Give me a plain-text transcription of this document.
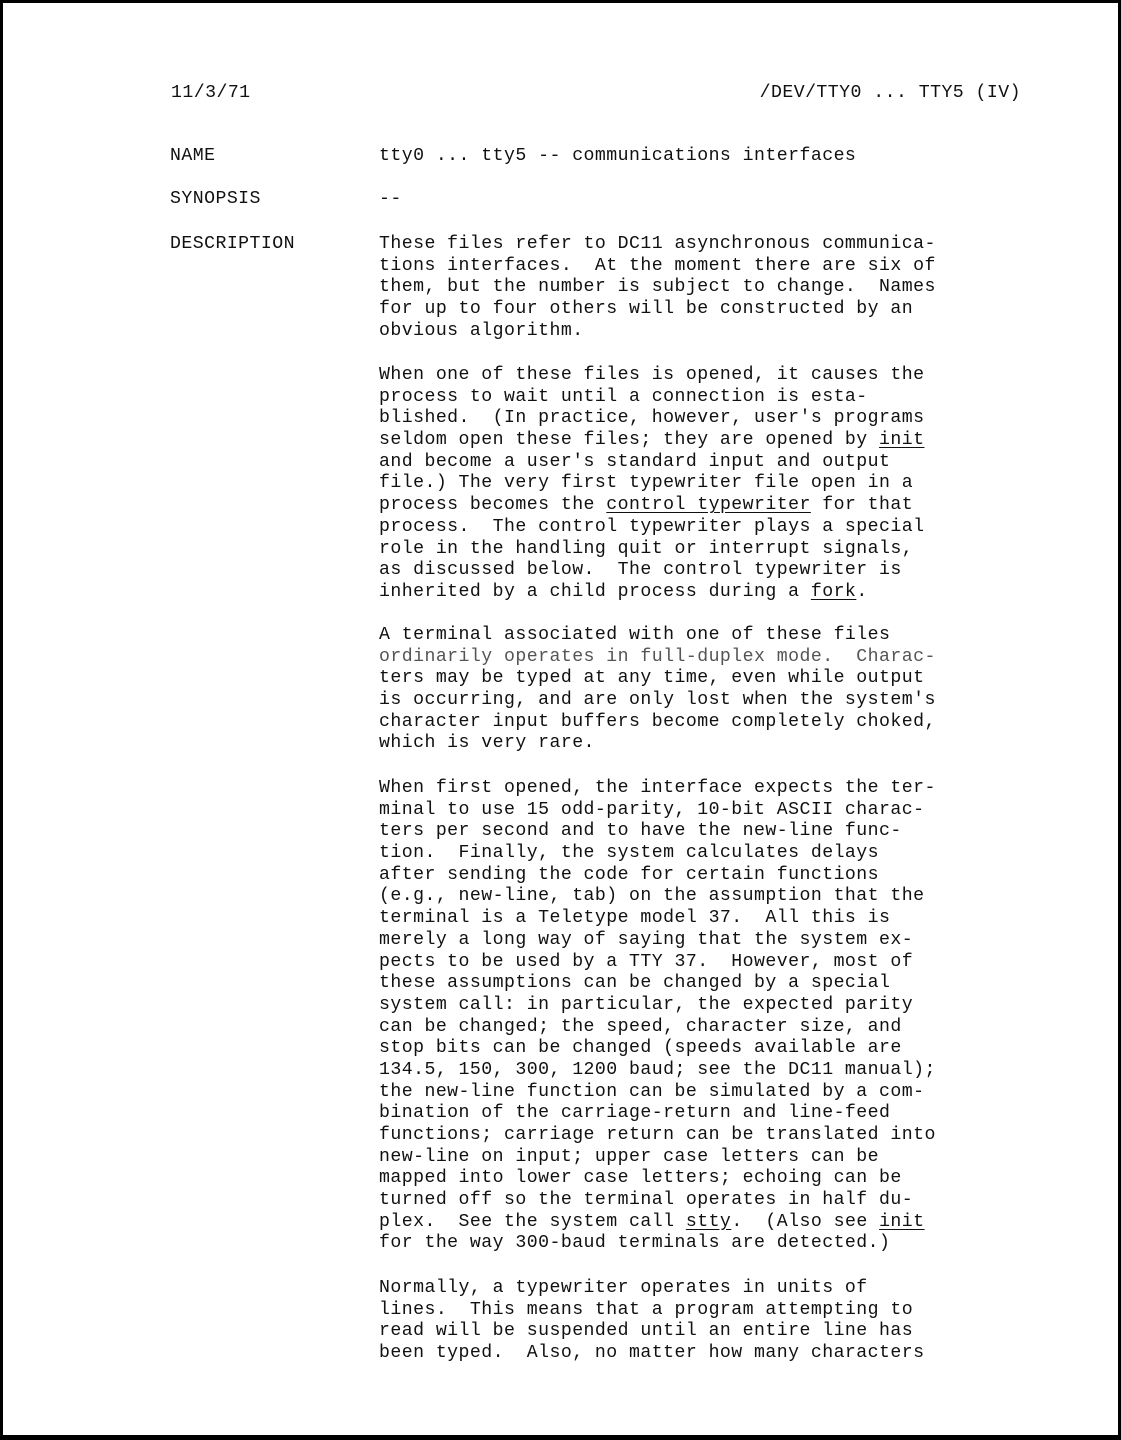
11/3/71	/DEV/TTY0 ... TTY5 (IV)

NAME	tty0 ... tty5 -- communications interfaces

SYNOPSIS	--

DESCRIPTION	These files refer to DC11 asynchronous communica-
tions interfaces.  At the moment there are six of
them, but the number is subject to change.  Names
for up to four others will be constructed by an
obvious algorithm.
When one of these files is opened, it causes the
process to wait until a connection is esta-
blished.  (In practice, however, user's programs
seldom open these files; they are opened by init
and become a user's standard input and output
file.) The very first typewriter file open in a
process becomes the control typewriter for that
process.  The control typewriter plays a special
role in the handling quit or interrupt signals,
as discussed below.  The control typewriter is
inherited by a child process during a fork.
A terminal associated with one of these files
ordinarily operates in full-duplex mode.  Charac-
ters may be typed at any time, even while output
is occurring, and are only lost when the system's
character input buffers become completely choked,
which is very rare.
When first opened, the interface expects the ter-
minal to use 15 odd-parity, 10-bit ASCII charac-
ters per second and to have the new-line func-
tion.  Finally, the system calculates delays
after sending the code for certain functions
(e.g., new-line, tab) on the assumption that the
terminal is a Teletype model 37.  All this is
merely a long way of saying that the system ex-
pects to be used by a TTY 37.  However, most of
these assumptions can be changed by a special
system call: in particular, the expected parity
can be changed; the speed, character size, and
stop bits can be changed (speeds available are
134.5, 150, 300, 1200 baud; see the DC11 manual);
the new-line function can be simulated by a com-
bination of the carriage-return and line-feed
functions; carriage return can be translated into
new-line on input; upper case letters can be
mapped into lower case letters; echoing can be
turned off so the terminal operates in half du-
plex.  See the system call stty.  (Also see init
for the way 300-baud terminals are detected.)
Normally, a typewriter operates in units of
lines.  This means that a program attempting to
read will be suspended until an entire line has
been typed.  Also, no matter how many characters
